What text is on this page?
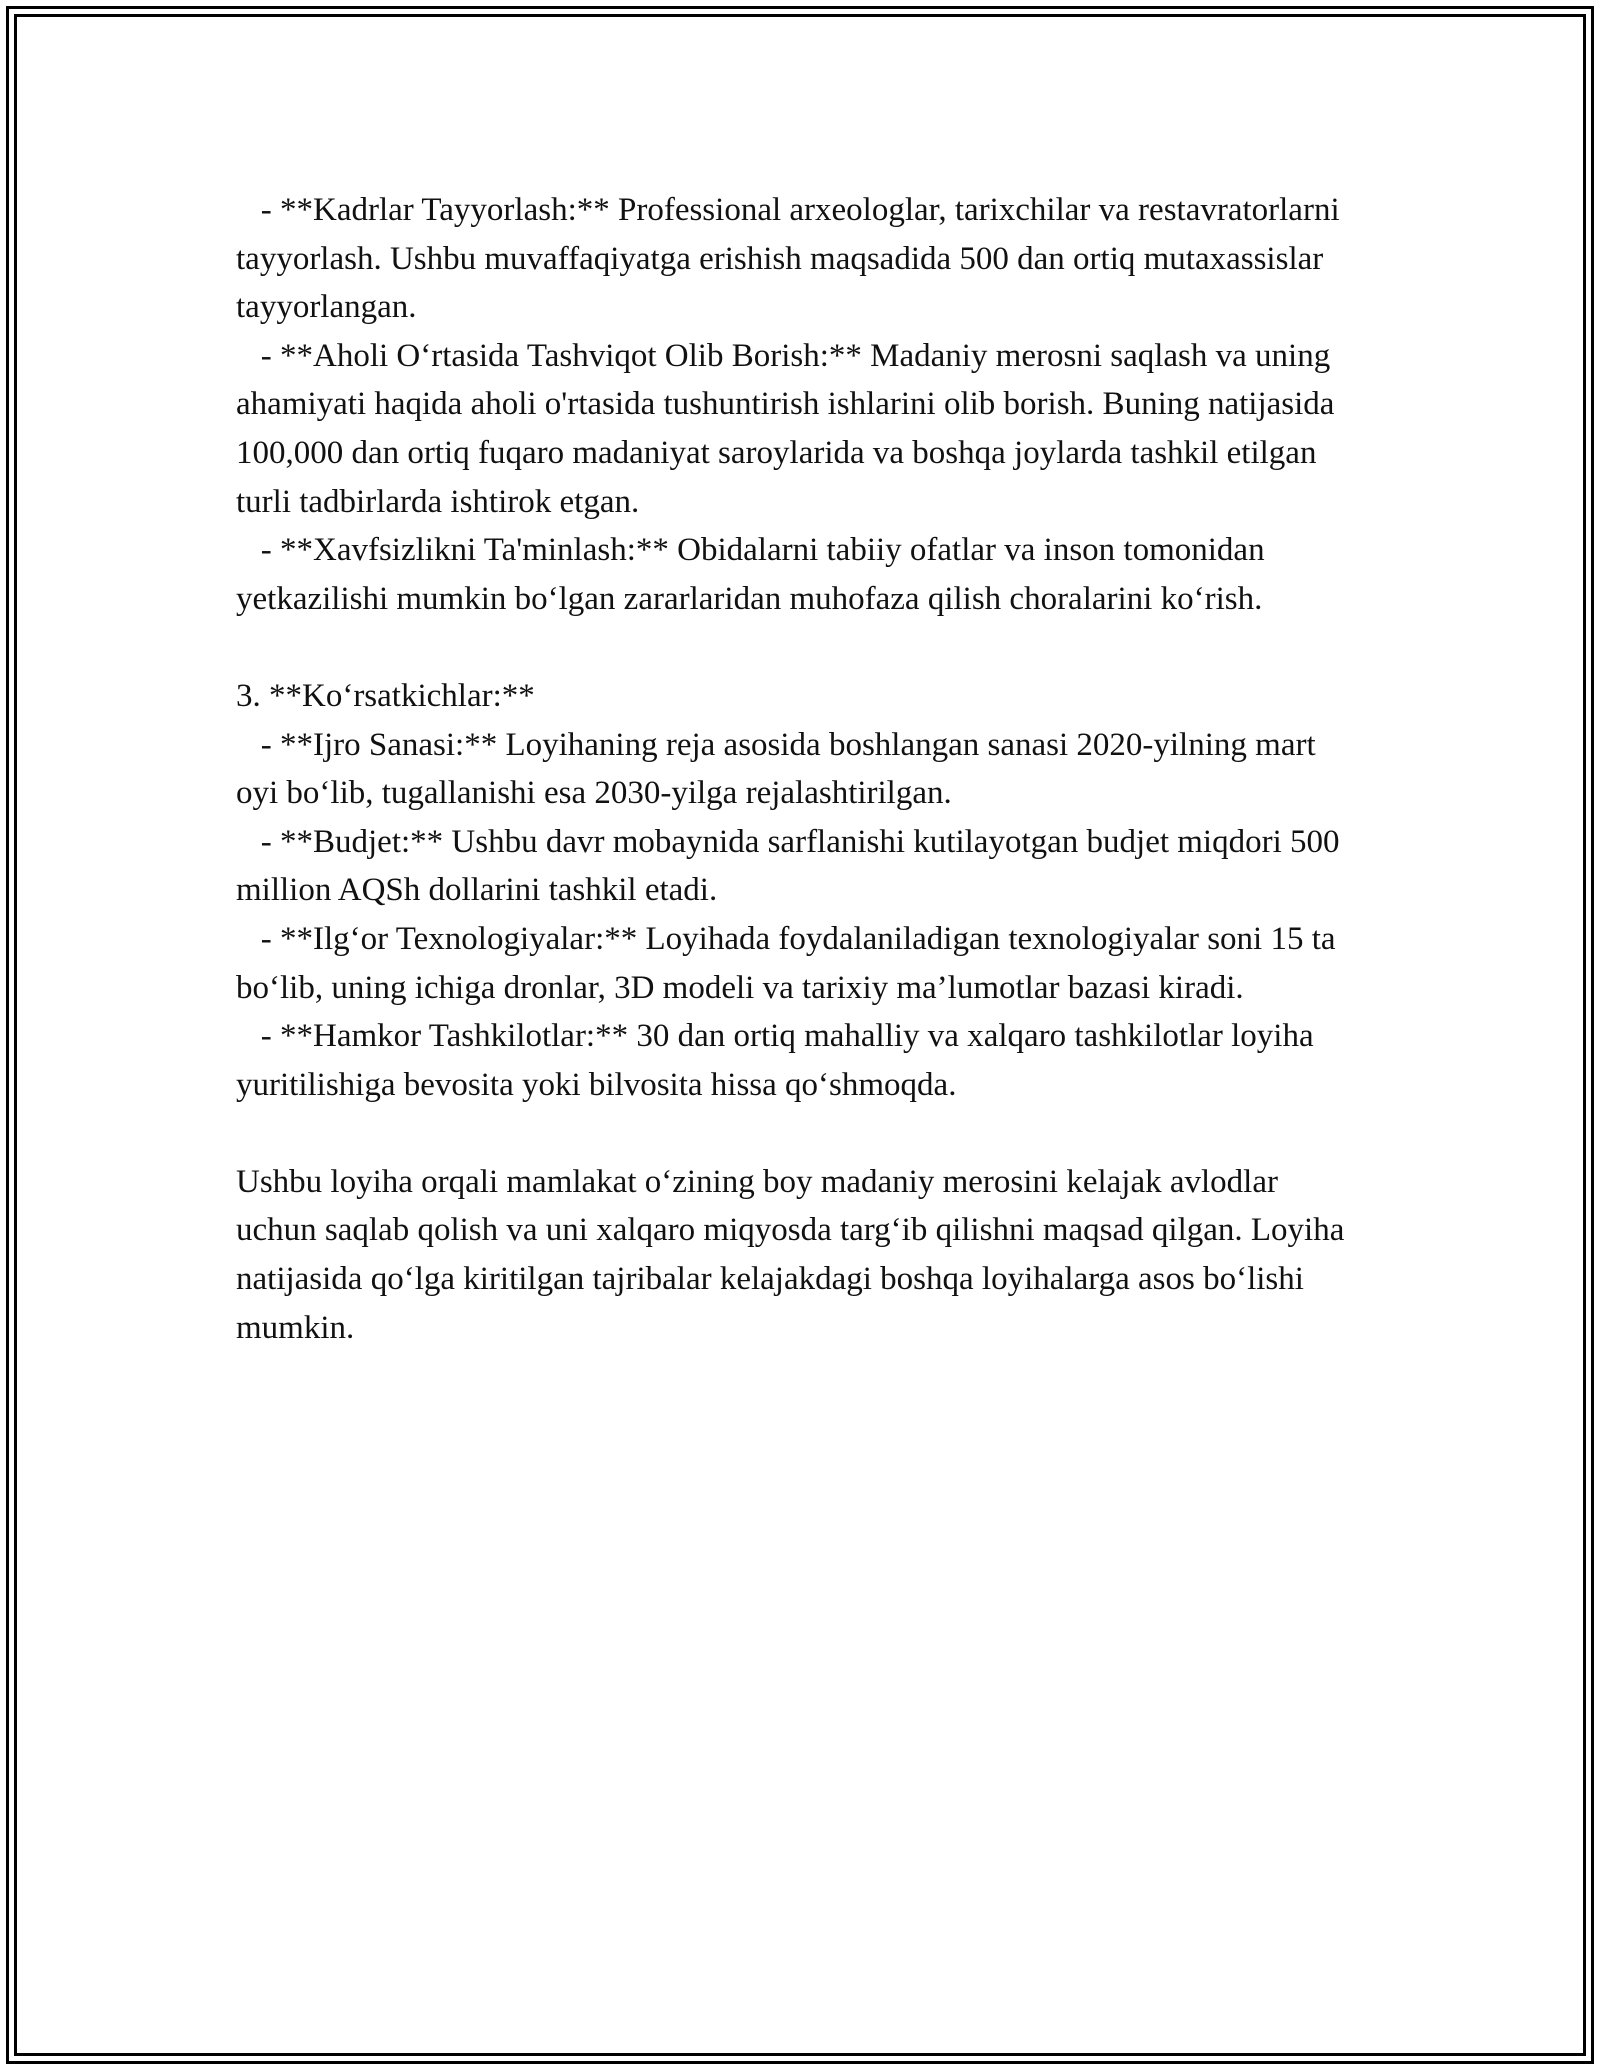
- **Kadrlar Tayyorlash:** Professional arxeologlar, tarixchilar va restavratorlarni tayyorlash. Ushbu muvaffaqiyatga erishish maqsadida 500 dan ortiq mutaxassislar tayyorlangan.

- **Aholi O‘rtasida Tashviqot Olib Borish:** Madaniy merosni saqlash va uning ahamiyati haqida aholi o'rtasida tushuntirish ishlarini olib borish. Buning natijasida 100,000 dan ortiq fuqaro madaniyat saroylarida va boshqa joylarda tashkil etilgan turli tadbirlarda ishtirok etgan.

- **Xavfsizlikni Ta'minlash:** Obidalarni tabiiy ofatlar va inson tomonidan yetkazilishi mumkin bo‘lgan zararlaridan muhofaza qilish choralarini ko‘rish.

3. **Ko‘rsatkichlar:**

- **Ijro Sanasi:** Loyihaning reja asosida boshlangan sanasi 2020-yilning mart oyi bo‘lib, tugallanishi esa 2030-yilga rejalashtirilgan.

- **Budjet:** Ushbu davr mobaynida sarflanishi kutilayotgan budjet miqdori 500 million AQSh dollarini tashkil etadi.

- **Ilg‘or Texnologiyalar:** Loyihada foydalaniladigan texnologiyalar soni 15 ta bo‘lib, uning ichiga dronlar, 3D modeli va tarixiy ma’lumotlar bazasi kiradi.

- **Hamkor Tashkilotlar:** 30 dan ortiq mahalliy va xalqaro tashkilotlar loyiha yuritilishiga bevosita yoki bilvosita hissa qo‘shmoqda.

Ushbu loyiha orqali mamlakat o‘zining boy madaniy merosini kelajak avlodlar uchun saqlab qolish va uni xalqaro miqyosda targ‘ib qilishni maqsad qilgan. Loyiha natijasida qo‘lga kiritilgan tajribalar kelajakdagi boshqa loyihalarga asos bo‘lishi mumkin.
